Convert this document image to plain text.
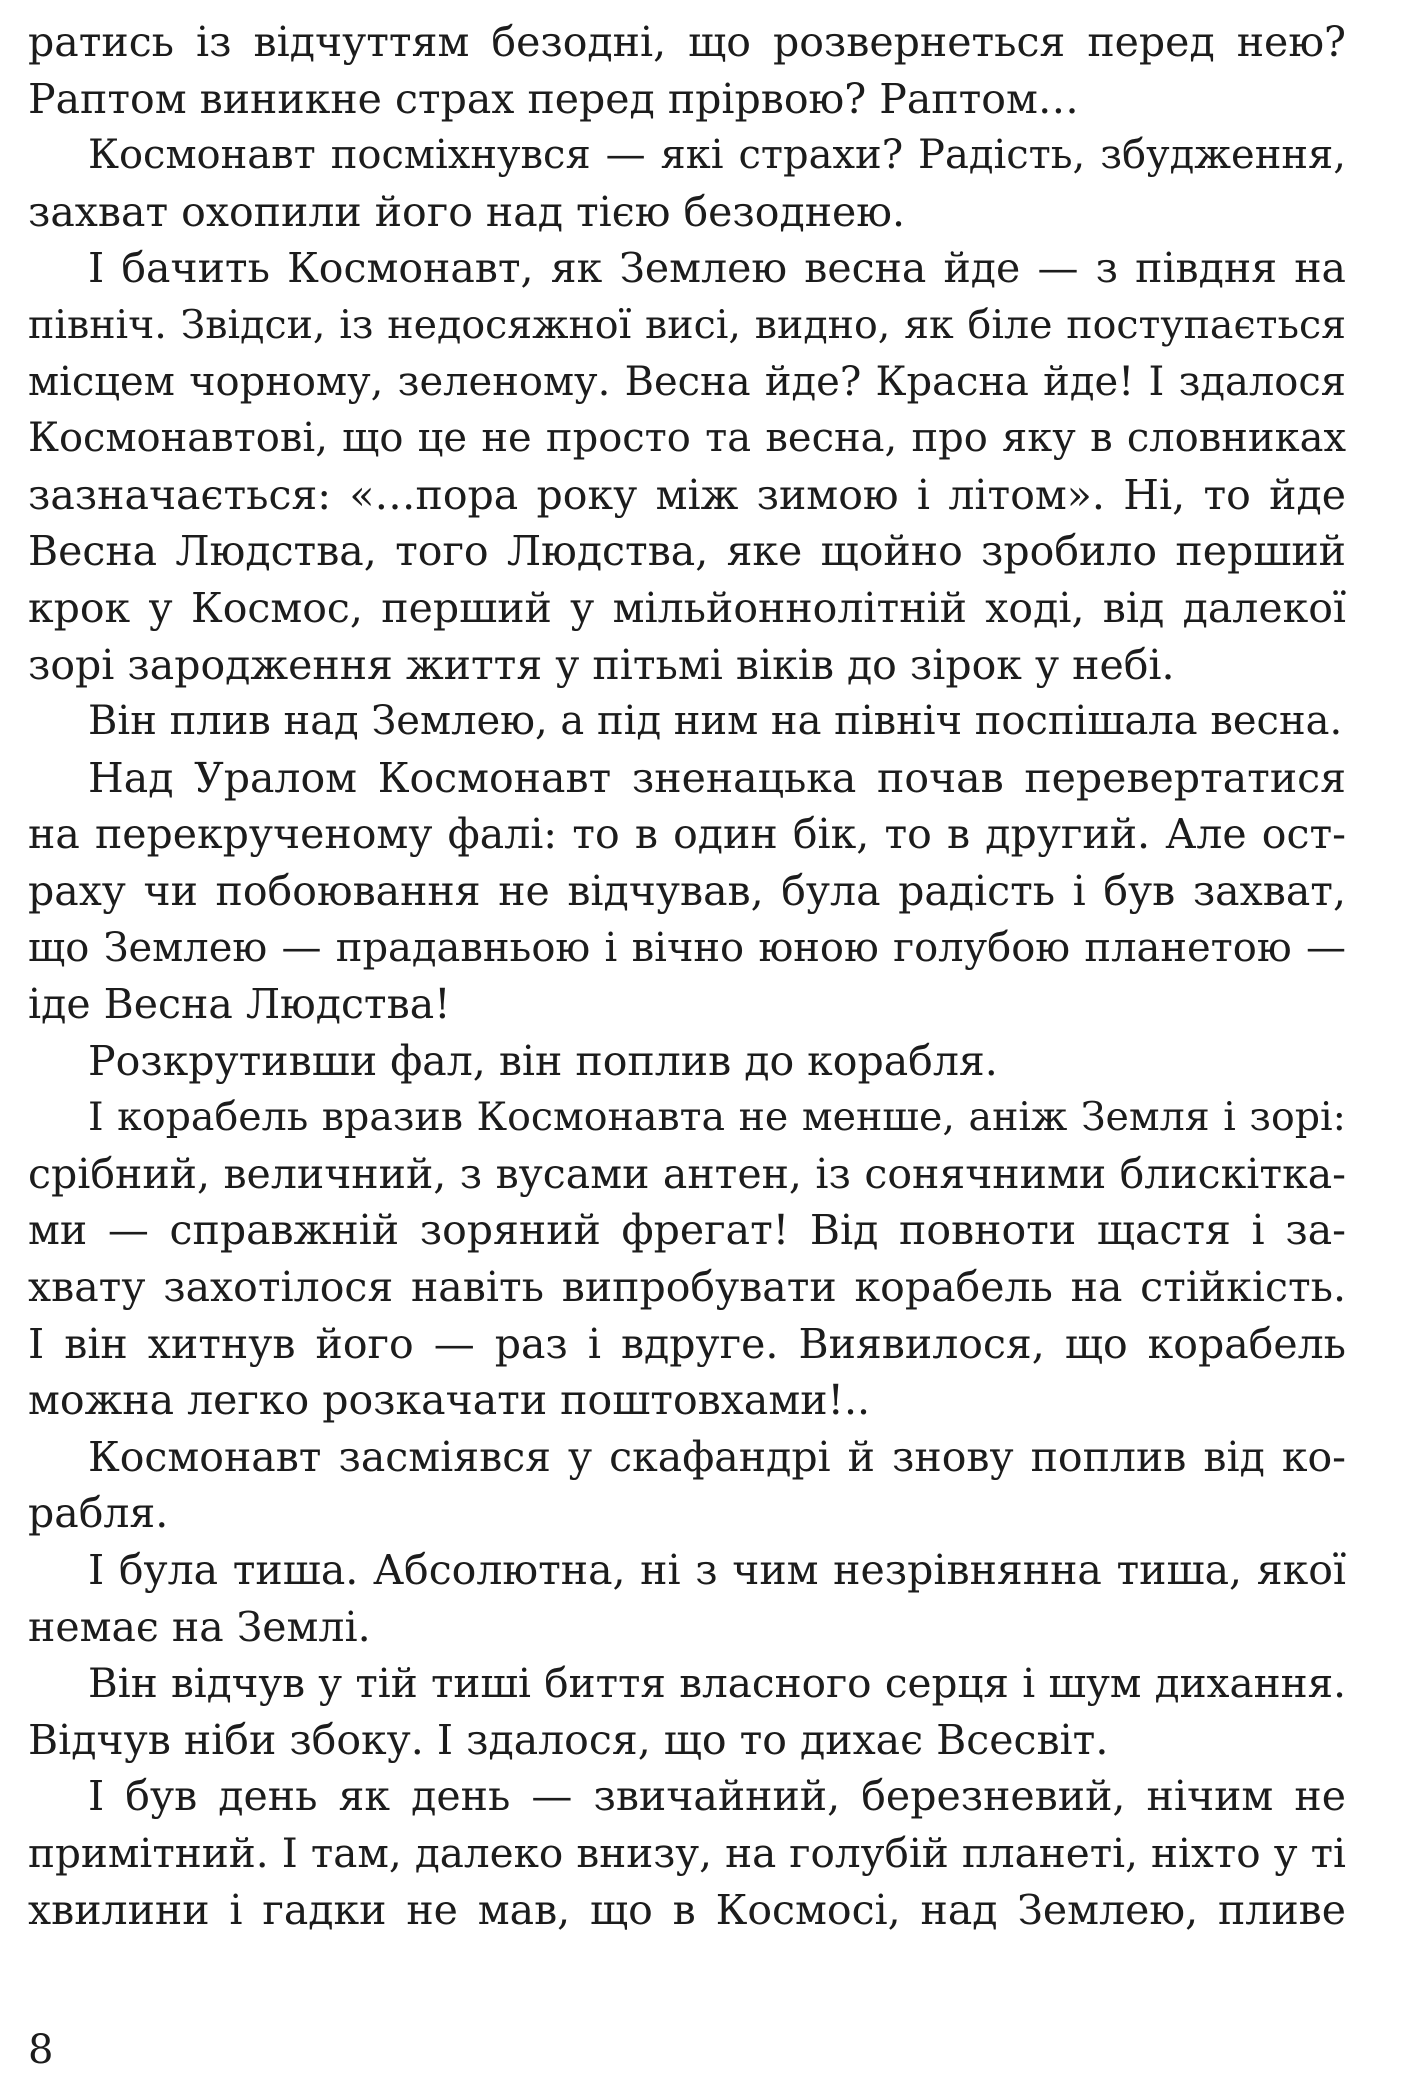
ратись із відчуттям безодні, що розвернеться перед нею?
Раптом виникне страх перед прірвою? Раптом…
Космонавт посміхнувся — які страхи? Радість, збудження,
захват охопили його над тією безоднею.
І бачить Космонавт, як Землею весна йде — з півдня на
північ. Звідси, із недосяжної висі, видно, як біле поступається
місцем чорному, зеленому. Весна йде? Красна йде! І здалося
Космонавтові, що це не просто та весна, про яку в словниках
зазначається: «…пора року між зимою і літом». Ні, то йде
Весна Людства, того Людства, яке щойно зробило перший
крок у Космос, перший у мільйоннолітній ході, від далекої
зорі зародження життя у пітьмі віків до зірок у небі.
Він плив над Землею, а під ним на північ поспішала весна.
Над Уралом Космонавт зненацька почав перевертатися
на перекрученому фалі: то в один бік, то в другий. Але ост-
раху чи побоювання не відчував, була радість і був захват,
що Землею — прадавньою і вічно юною голубою планетою —
іде Весна Людства!
Розкрутивши фал, він поплив до корабля.
І корабель вразив Космонавта не менше, аніж Земля і зорі:
срібний, величний, з вусами антен, із сонячними блискітка-
ми — справжній зоряний фрегат! Від повноти щастя і за-
хвату захотілося навіть випробувати корабель на стійкість.
І він хитнув його — раз і вдруге. Виявилося, що корабель
можна легко розкачати поштовхами!..
Космонавт засміявся у скафандрі й знову поплив від ко-
рабля.
І була тиша. Абсолютна, ні з чим незрівнянна тиша, якої
немає на Землі.
Він відчув у тій тиші биття власного серця і шум дихання.
Відчув ніби збоку. І здалося, що то дихає Всесвіт.
І був день як день — звичайний, березневий, нічим не
примітний. І там, далеко внизу, на голубій планеті, ніхто у ті
хвилини і гадки не мав, що в Космосі, над Землею, пливе
8
